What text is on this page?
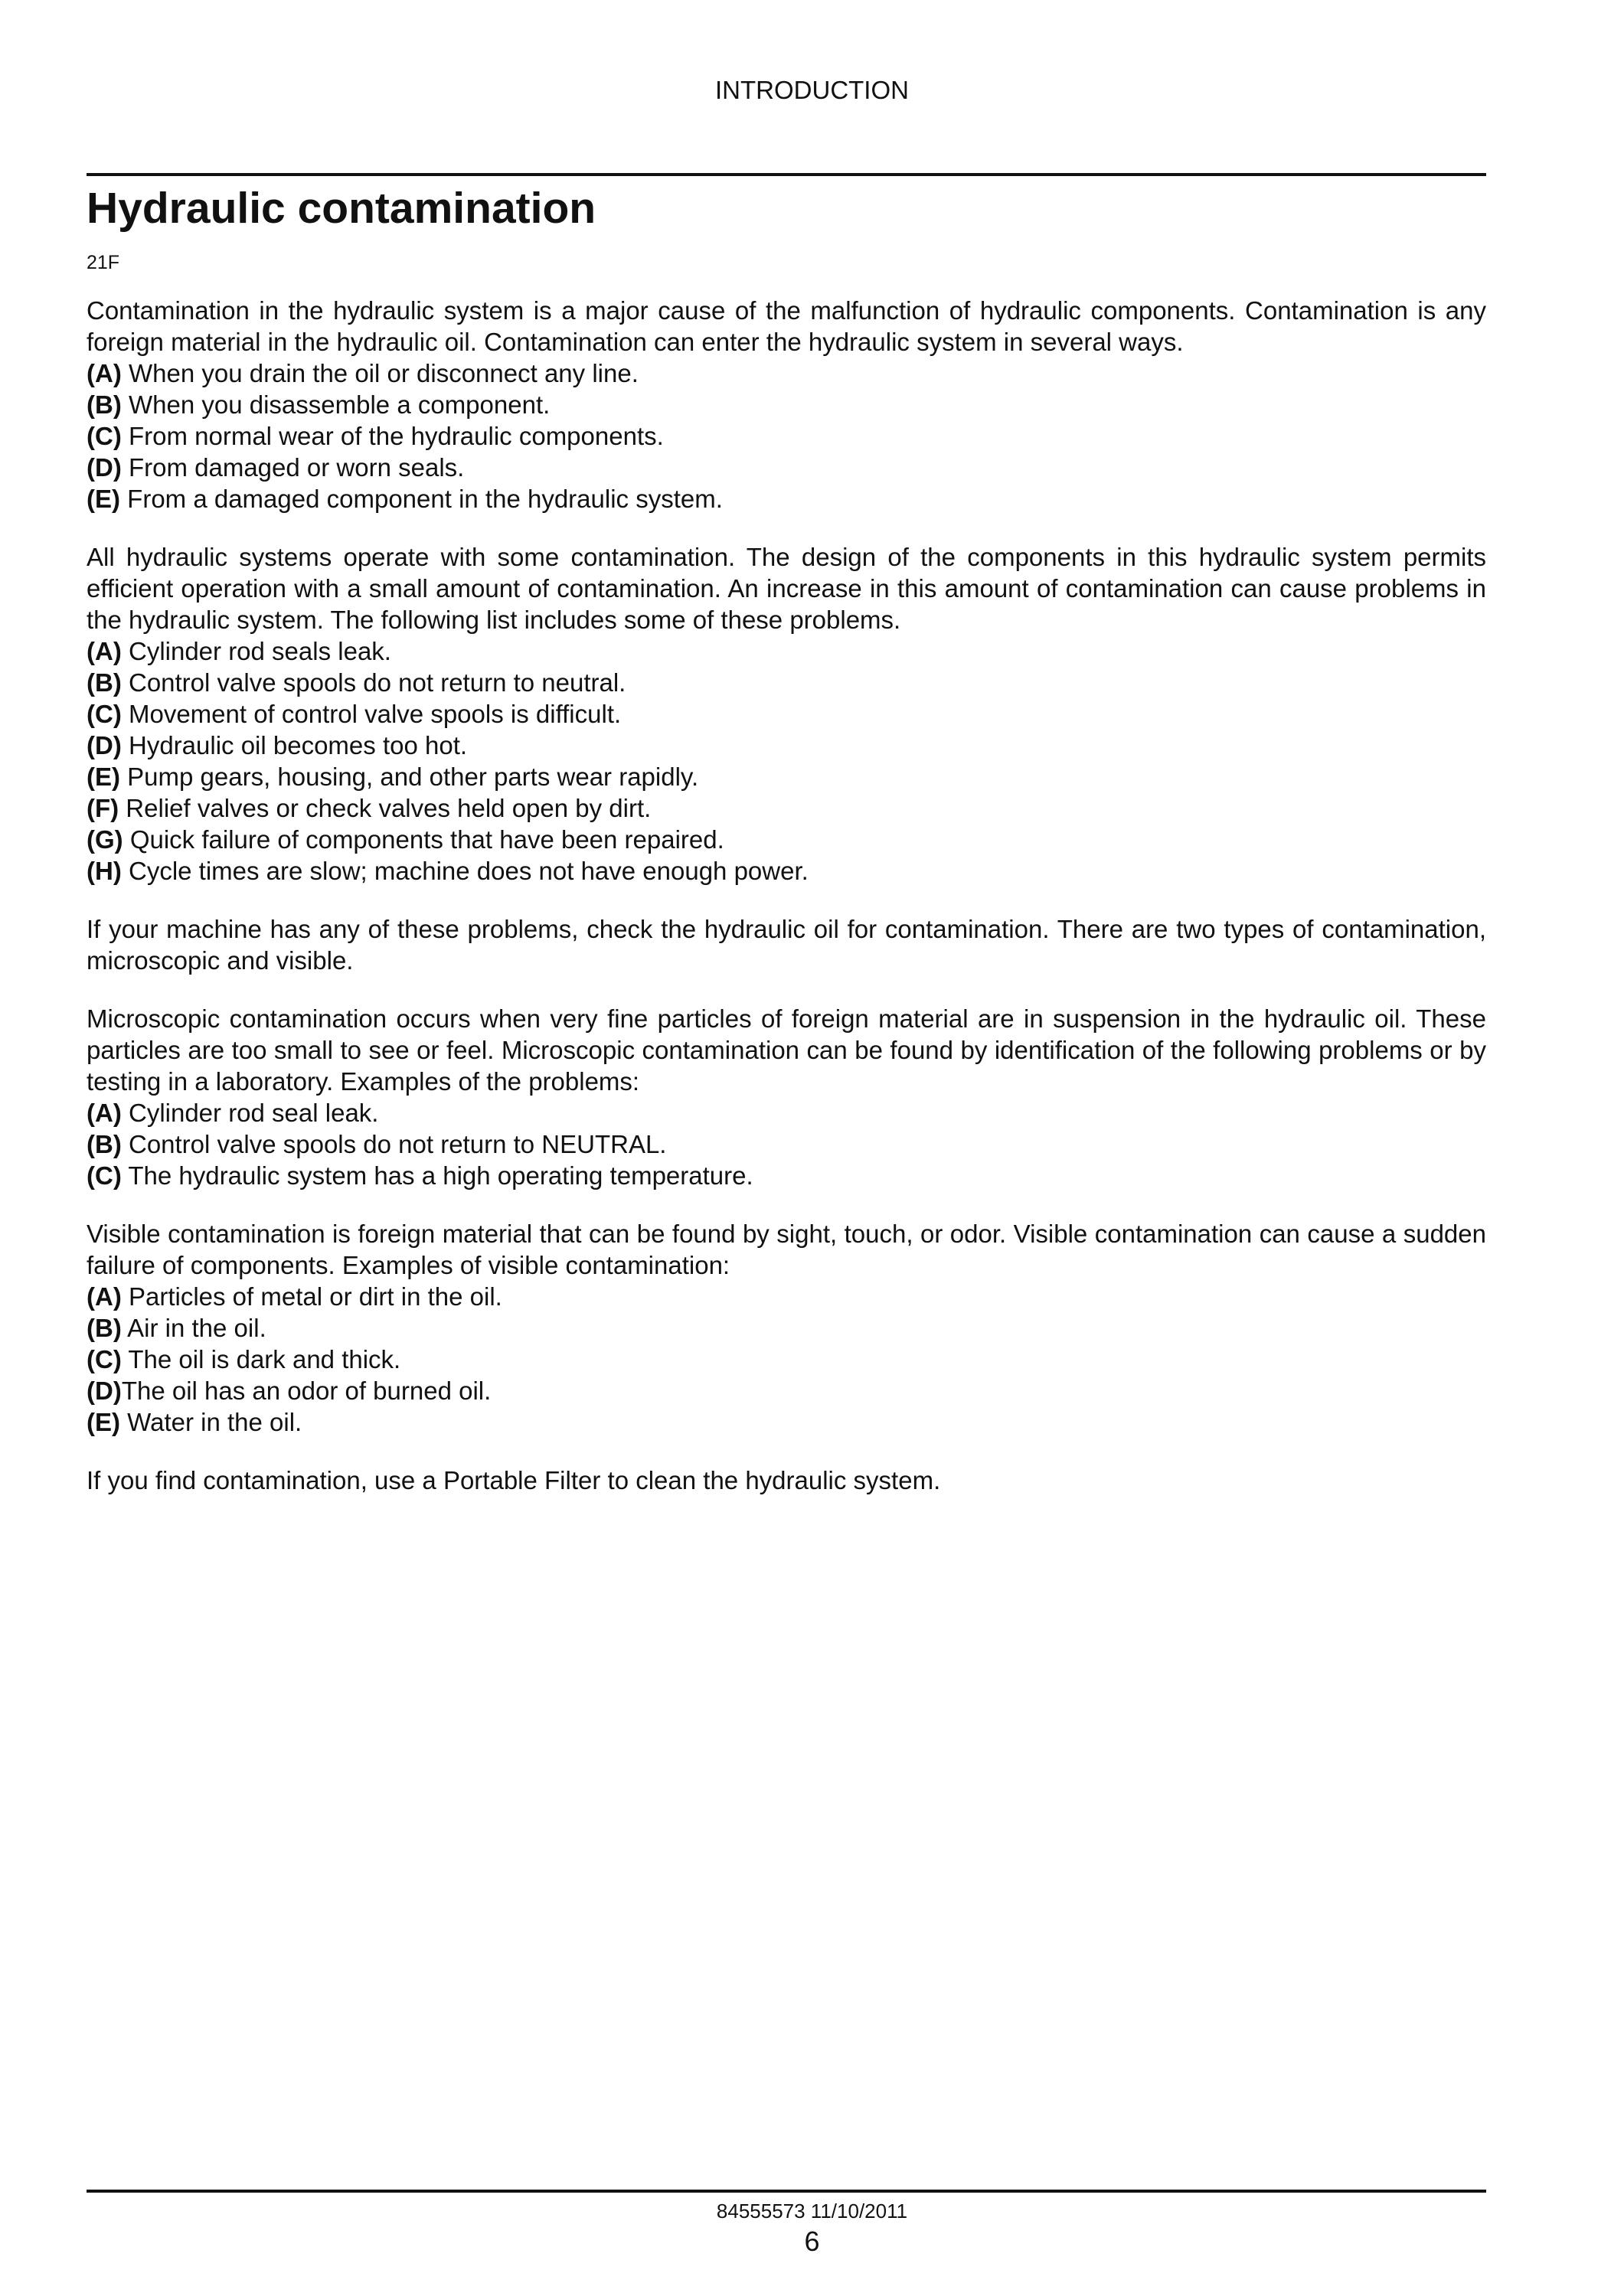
INTRODUCTION
Hydraulic contamination
21F

Contamination in the hydraulic system is a major cause of the malfunction of hydraulic components. Contamination is any foreign material in the hydraulic oil. Contamination can enter the hydraulic system in several ways.

(A) When you drain the oil or disconnect any line.
(B) When you disassemble a component.
(C) From normal wear of the hydraulic components.
(D) From damaged or worn seals.
(E) From a damaged component in the hydraulic system.

All hydraulic systems operate with some contamination. The design of the components in this hydraulic system permits efficient operation with a small amount of contamination. An increase in this amount of contamination can cause problems in the hydraulic system. The following list includes some of these problems.

(A) Cylinder rod seals leak.
(B) Control valve spools do not return to neutral.
(C) Movement of control valve spools is difficult.
(D) Hydraulic oil becomes too hot.
(E) Pump gears, housing, and other parts wear rapidly.
(F) Relief valves or check valves held open by dirt.
(G) Quick failure of components that have been repaired.
(H) Cycle times are slow; machine does not have enough power.

If your machine has any of these problems, check the hydraulic oil for contamination. There are two types of contamination, microscopic and visible.

Microscopic contamination occurs when very fine particles of foreign material are in suspension in the hydraulic oil. These particles are too small to see or feel. Microscopic contamination can be found by identification of the following problems or by testing in a laboratory. Examples of the problems:

(A) Cylinder rod seal leak.
(B) Control valve spools do not return to NEUTRAL.
(C) The hydraulic system has a high operating temperature.

Visible contamination is foreign material that can be found by sight, touch, or odor. Visible contamination can cause a sudden failure of components. Examples of visible contamination:

(A) Particles of metal or dirt in the oil.
(B) Air in the oil.
(C) The oil is dark and thick.
(D)The oil has an odor of burned oil.
(E) Water in the oil.

If you find contamination, use a Portable Filter to clean the hydraulic system.

84555573 11/10/2011
6
